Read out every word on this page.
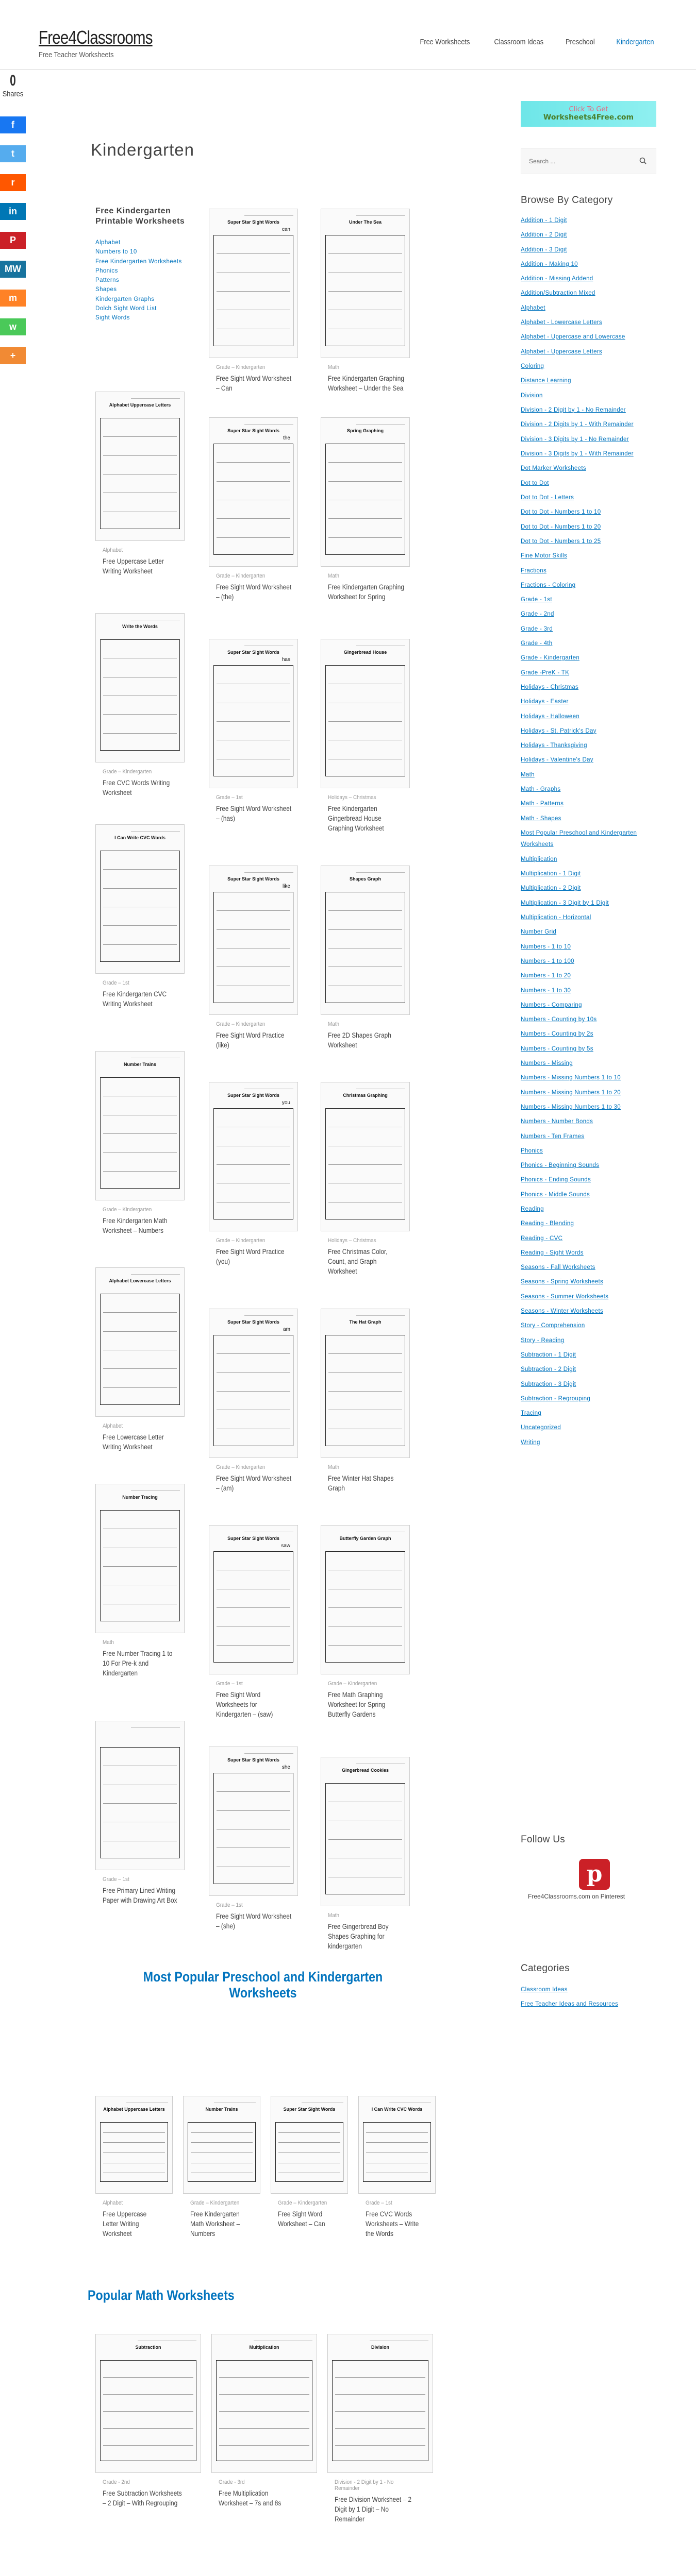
Free4Classrooms
Free Teacher Worksheets
Free Worksheets	Classroom Ideas	Preschool	Kindergarten
0
Shares
f
t
r
in
P
MW
m
w
+
Kindergarten
Free Kindergarten Printable Worksheets
Alphabet
Numbers to 10
Free Kindergarten Worksheets
Phonics
Patterns
Shapes
Kindergarten Graphs
Dolch Sight Word List
Sight Words
Super Star Sight Words
can
Grade – Kindergarten
Free Sight Word Worksheet – Can
Under The Sea
Math
Free Kindergarten Graphing Worksheet – Under the Sea
Alphabet Uppercase Letters
Alphabet
Free Uppercase Letter Writing Worksheet
Super Star Sight Words
the
Grade – Kindergarten
Free Sight Word Worksheet – (the)
Spring Graphing
Math
Free Kindergarten Graphing Worksheet for Spring
Write the Words
Grade – Kindergarten
Free CVC Words Writing Worksheet
Super Star Sight Words
has
Grade – 1st
Free Sight Word Worksheet – (has)
Gingerbread House
Holidays – Christmas
Free Kindergarten Gingerbread House Graphing Worksheet
I Can Write CVC Words
Grade – 1st
Free Kindergarten CVC Writing Worksheet
Super Star Sight Words
like
Grade – Kindergarten
Free Sight Word Practice (like)
Shapes Graph
Math
Free 2D Shapes Graph Worksheet
Number Trains
Grade – Kindergarten
Free Kindergarten Math Worksheet – Numbers
Super Star Sight Words
you
Grade – Kindergarten
Free Sight Word Practice (you)
Christmas Graphing
Holidays – Christmas
Free Christmas Color, Count, and Graph Worksheet
Alphabet Lowercase Letters
Alphabet
Free Lowercase Letter Writing Worksheet
Super Star Sight Words
am
Grade – Kindergarten
Free Sight Word Worksheet – (am)
The Hat Graph
Math
Free Winter Hat Shapes Graph
Number Tracing
Math
Free Number Tracing 1 to 10 For Pre-k and Kindergarten
Super Star Sight Words
saw
Grade – 1st
Free Sight Word Worksheets for Kindergarten – (saw)
Butterfly Garden Graph
Grade – Kindergarten
Free Math Graphing Worksheet for Spring Butterfly Gardens
Grade – 1st
Free Primary Lined Writing Paper with Drawing Art Box
Super Star Sight Words
she
Grade – 1st
Free Sight Word Worksheet – (she)
Gingerbread Cookies
Math
Free Gingerbread Boy Shapes Graphing for kindergarten
Most Popular Preschool and Kindergarten Worksheets
Alphabet Uppercase Letters
Alphabet
Free Uppercase Letter Writing Worksheet
Number Trains
Grade – Kindergarten
Free Kindergarten Math Worksheet – Numbers
Super Star Sight Words
Grade – Kindergarten
Free Sight Word Worksheet – Can
I Can Write CVC Words
Grade – 1st
Free CVC Words Worksheets – Write the Words
Popular Math Worksheets
Subtraction
Grade - 2nd
Free Subtraction Worksheets – 2 Digit – With Regrouping
Multiplication
Grade - 3rd
Free Multiplication Worksheet – 7s and 8s
Division
Division - 2 Digit by 1 - No Remainder
Free Division Worksheet – 2 Digit by 1 Digit – No Remainder
Click To Get
Worksheets4Free.com
Search ...
Browse By Category
Addition - 1 Digit
Addition - 2 Digit
Addition - 3 Digit
Addition - Making 10
Addition - Missing Addend
Addition/Subtraction Mixed
Alphabet
Alphabet - Lowercase Letters
Alphabet - Uppercase and Lowercase
Alphabet - Uppercase Letters
Coloring
Distance Learning
Division
Division - 2 Digit by 1 - No Remainder
Division - 2 Digits by 1 - With Remainder
Division - 3 Digits by 1 - No Remainder
Division - 3 Digits by 1 - With Remainder
Dot Marker Worksheets
Dot to Dot
Dot to Dot - Letters
Dot to Dot - Numbers 1 to 10
Dot to Dot - Numbers 1 to 20
Dot to Dot - Numbers 1 to 25
Fine Motor Skills
Fractions
Fractions - Coloring
Grade - 1st
Grade - 2nd
Grade - 3rd
Grade - 4th
Grade - Kindergarten
Grade -PreK - TK
Holidays - Christmas
Holidays - Easter
Holidays - Halloween
Holidays - St. Patrick's Day
Holidays - Thanksgiving
Holidays - Valentine's Day
Math
Math - Graphs
Math - Patterns
Math - Shapes
Most Popular Preschool and Kindergarten Worksheets
Multiplication
Multiplication - 1 Digit
Multiplication - 2 Digit
Multiplication - 3 Digit by 1 Digit
Multiplication - Horizontal
Number Grid
Numbers - 1 to 10
Numbers - 1 to 100
Numbers - 1 to 20
Numbers - 1 to 30
Numbers - Comparing
Numbers - Counting by 10s
Numbers - Counting by 2s
Numbers - Counting by 5s
Numbers - Missing
Numbers - Missing Numbers 1 to 10
Numbers - Missing Numbers 1 to 20
Numbers - Missing Numbers 1 to 30
Numbers - Number Bonds
Numbers - Ten Frames
Phonics
Phonics - Beginning Sounds
Phonics - Ending Sounds
Phonics - Middle Sounds
Reading
Reading - Blending
Reading - CVC
Reading - Sight Words
Seasons - Fall Worksheets
Seasons - Spring Worksheets
Seasons - Summer Worksheets
Seasons - Winter Worksheets
Story - Comprehension
Story - Reading
Subtraction - 1 Digit
Subtraction - 2 Digit
Subtraction - 3 Digit
Subtraction - Regrouping
Tracing
Uncategorized
Writing
Follow Us
p
Free4Classrooms.com on Pinterest
Categories
Classroom Ideas
Free Teacher Ideas and Resources
